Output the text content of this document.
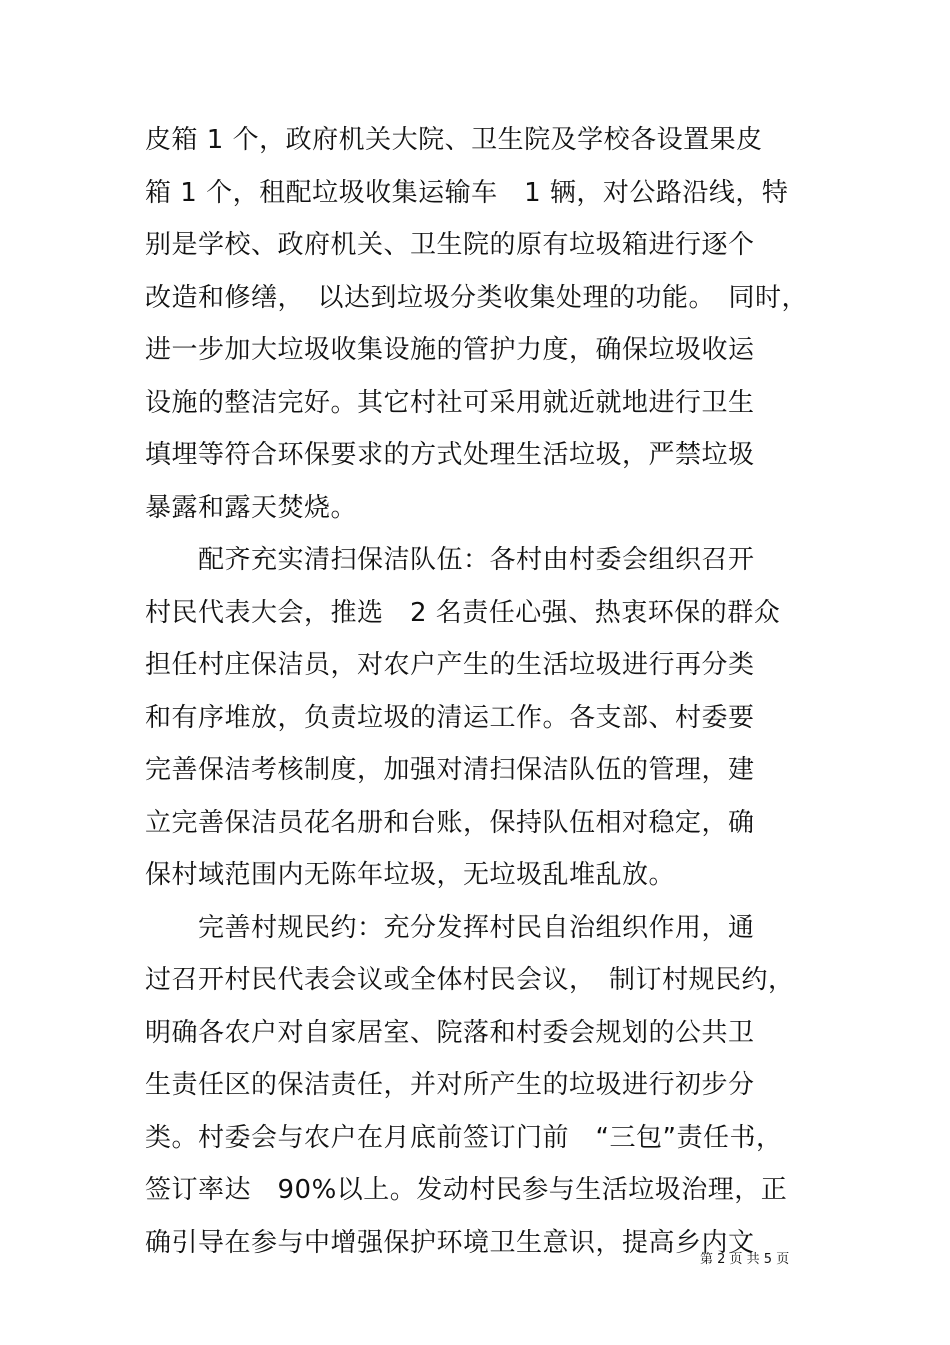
皮箱 1 个，政府机关大院、卫生院及学校各设置果皮
箱 1 个，租配垃圾收集运输车　1 辆，对公路沿线，特
别是学校、政府机关、卫生院的原有垃圾箱进行逐个
改造和修缮，　以达到垃圾分类收集处理的功能。　同时，
进一步加大垃圾收集设施的管护力度，确保垃圾收运
设施的整洁完好。其它村社可采用就近就地进行卫生
填埋等符合环保要求的方式处理生活垃圾，严禁垃圾
暴露和露天焚烧。
　　配齐充实清扫保洁队伍：各村由村委会组织召开
村民代表大会，推选　2 名责任心强、热衷环保的群众
担任村庄保洁员，对农户产生的生活垃圾进行再分类
和有序堆放，负责垃圾的清运工作。各支部、村委要
完善保洁考核制度，加强对清扫保洁队伍的管理，建
立完善保洁员花名册和台账，保持队伍相对稳定，确
保村域范围内无陈年垃圾，无垃圾乱堆乱放。
　　完善村规民约：充分发挥村民自治组织作用，通
过召开村民代表会议或全体村民会议，　制订村规民约，
明确各农户对自家居室、院落和村委会规划的公共卫
生责任区的保洁责任，并对所产生的垃圾进行初步分
类。村委会与农户在月底前签订门前　“三包”责任书，
签订率达　90%以上。发动村民参与生活垃圾治理，正
确引导在参与中增强保护环境卫生意识，提高乡内文
第 2 页 共 5 页
